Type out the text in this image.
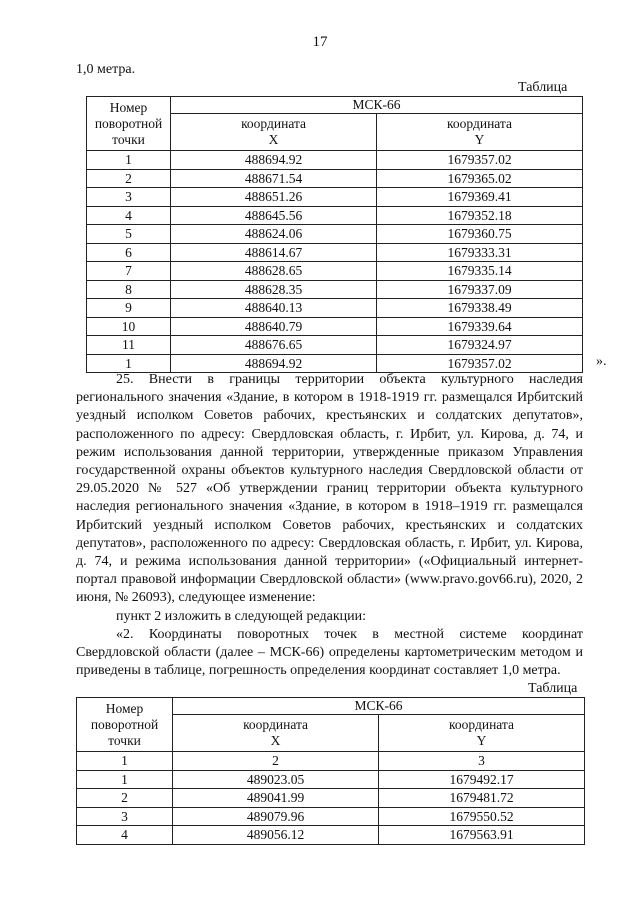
17
1,0 метра.
Таблица
Номер поворотной точки	МСК-66	
	координата X	координата Y
1	488694.92	1679357.02
2	488671.54	1679365.02
3	488651.26	1679369.41
4	488645.56	1679352.18
5	488624.06	1679360.75
6	488614.67	1679333.31
7	488628.65	1679335.14
8	488628.35	1679337.09
9	488640.13	1679338.49
10	488640.79	1679339.64
11	488676.65	1679324.97
1	488694.92	1679357.02	».

25. Внести в границы территории объекта культурного наследия регионального значения «Здание, в котором в 1918-1919 гг. размещался Ирбитский уездный исполком Советов рабочих, крестьянских и солдатских депутатов», расположенного по адресу: Свердловская область, г. Ирбит, ул. Кирова, д. 74, и режим использования данной территории, утвержденные приказом Управления государственной охраны объектов культурного наследия Свердловской области от 29.05.2020 № 527 «Об утверждении границ территории объекта культурного наследия регионального значения «Здание, в котором в 1918–1919 гг. размещался Ирбитский уездный исполком Советов рабочих, крестьянских и солдатских депутатов», расположенного по адресу: Свердловская область, г. Ирбит, ул. Кирова, д. 74, и режима использования данной территории» («Официальный интернет-портал правовой информации Свердловской области» (www.pravo.gov66.ru), 2020, 2 июня, № 26093), следующее изменение:

пункт 2 изложить в следующей редакции:

«2. Координаты поворотных точек в местной системе координат Свердловской области (далее – МСК-66) определены картометрическим методом и приведены в таблице, погрешность определения координат составляет 1,0 метра.

Таблица
Номер поворотной точки	МСК-66	
	координата X	координата Y
1	2	3
1	489023.05	1679492.17
2	489041.99	1679481.72
3	489079.96	1679550.52
4	489056.12	1679563.91
